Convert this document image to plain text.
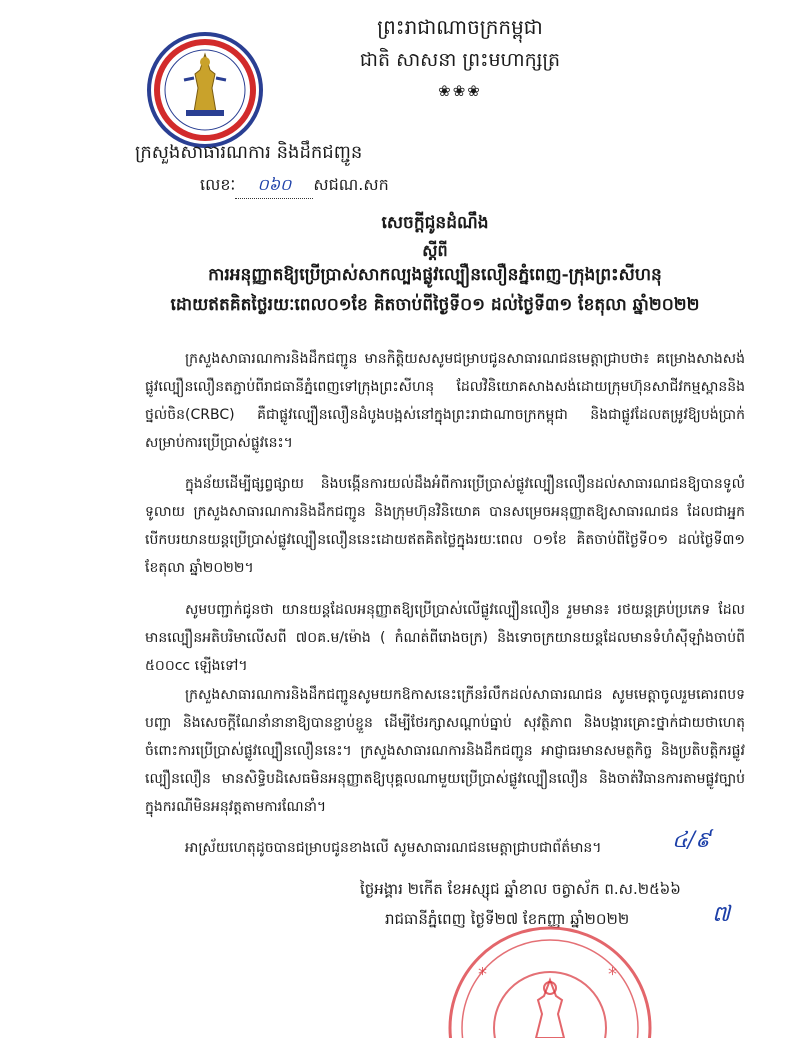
ព្រះរាជាណាចក្រកម្ពុជា
ជាតិ សាសនា ព្រះមហាក្សត្រ
❀❀❀
ក្រសួងសាធារណការ និងដឹកជញ្ជូន
លេខៈ ០៦០ សជណ.សក
សេចក្ដីជូនដំណឹង
ស្ដីពី
ការអនុញ្ញាតឱ្យប្រើប្រាស់សាកល្បងផ្លូវល្បឿនលឿនភ្នំពេញ-ក្រុងព្រះសីហនុ
ដោយឥតគិតថ្លៃរយៈពេល០១ខែ គិតចាប់ពីថ្ងៃទី០១ ដល់ថ្ងៃទី៣១ ខែតុលា ឆ្នាំ២០២២
ក្រសួងសាធារណការនិងដឹកជញ្ជូន មានកិត្តិយសសូមជម្រាបជូនសាធារណជនមេត្តាជ្រាបថា៖ គម្រោងសាងសង់ផ្លូវល្បឿនលឿនតភ្ជាប់ពីរាជធានីភ្នំពេញទៅក្រុងព្រះសីហនុ ដែលវិនិយោគសាងសង់ដោយក្រុមហ៊ុនសាជីវកម្មស្ពាននិងថ្នល់ចិន(CRBC) គឺជាផ្លូវល្បឿនលឿនដំបូងបង្អស់នៅក្នុងព្រះរាជាណាចក្រកម្ពុជា និងជាផ្លូវដែលតម្រូវឱ្យបង់ប្រាក់សម្រាប់ការប្រើប្រាស់ផ្លូវនេះ។
ក្នុងន័យដើម្បីផ្សព្វផ្សាយ និងបង្កើនការយល់ដឹងអំពីការប្រើប្រាស់ផ្លូវល្បឿនលឿនដល់សាធារណជនឱ្យបានទូលំទូលាយ ក្រសួងសាធារណការនិងដឹកជញ្ជូន និងក្រុមហ៊ុនវិនិយោគ បានសម្រេចអនុញ្ញាតឱ្យសាធារណជន ដែលជាអ្នកបើកបរយានយន្តប្រើប្រាស់ផ្លូវល្បឿនលឿននេះដោយឥតគិតថ្លៃក្នុងរយៈពេល ០១ខែ គិតចាប់ពីថ្ងៃទី០១ ដល់ថ្ងៃទី៣១ ខែតុលា ឆ្នាំ២០២២។
សូមបញ្ជាក់ជូនថា យានយន្តដែលអនុញ្ញាតឱ្យប្រើប្រាស់លើផ្លូវល្បឿនលឿន រួមមាន៖ រថយន្តគ្រប់ប្រភេទ ដែលមានល្បឿនអតិបរិមាលើសពី ៧០គ.ម/ម៉ោង ( កំណត់ពីរោងចក្រ) និងទោចក្រយានយន្តដែលមានទំហំស៊ីឡាំងចាប់ពី ៥០០cc ឡើងទៅ។
ក្រសួងសាធារណការនិងដឹកជញ្ជូនសូមយកឱកាសនេះក្រើនរំលឹកដល់សាធារណជន សូមមេត្តាចូលរួមគោរពបទបញ្ជា និងសេចក្ដីណែនាំនានាឱ្យបានខ្ជាប់ខ្ជួន ដើម្បីថែរក្សាសណ្ដាប់ធ្នាប់ សុវត្ថិភាព និងបង្ការគ្រោះថ្នាក់ជាយថាហេតុចំពោះការប្រើប្រាស់ផ្លូវល្បឿនលឿននេះ។ ក្រសួងសាធារណការនិងដឹកជញ្ជូន អាជ្ញាធរមានសមត្ថកិច្ច និងប្រតិបត្តិករផ្លូវល្បឿនលឿន មានសិទ្ធិបដិសេធមិនអនុញ្ញាតឱ្យបុគ្គលណាមួយប្រើប្រាស់ផ្លូវល្បឿនលឿន និងចាត់វិធានការតាមផ្លូវច្បាប់ក្នុងករណីមិនអនុវត្តតាមការណែនាំ។
អាស្រ័យហេតុដូចបានជម្រាបជូនខាងលើ សូមសាធារណជនមេត្តាជ្រាបជាព័ត៌មាន។	៤/៩
ថ្ងៃអង្គារ ២កើត ខែអស្សុជ ឆ្នាំខាល ចត្វាស័ក ព.ស.២៥៦៦
រាជធានីភ្នំពេញ ថ្ងៃទី២៧ ខែកញ្ញា ឆ្នាំ២០២២	៧
*	*
